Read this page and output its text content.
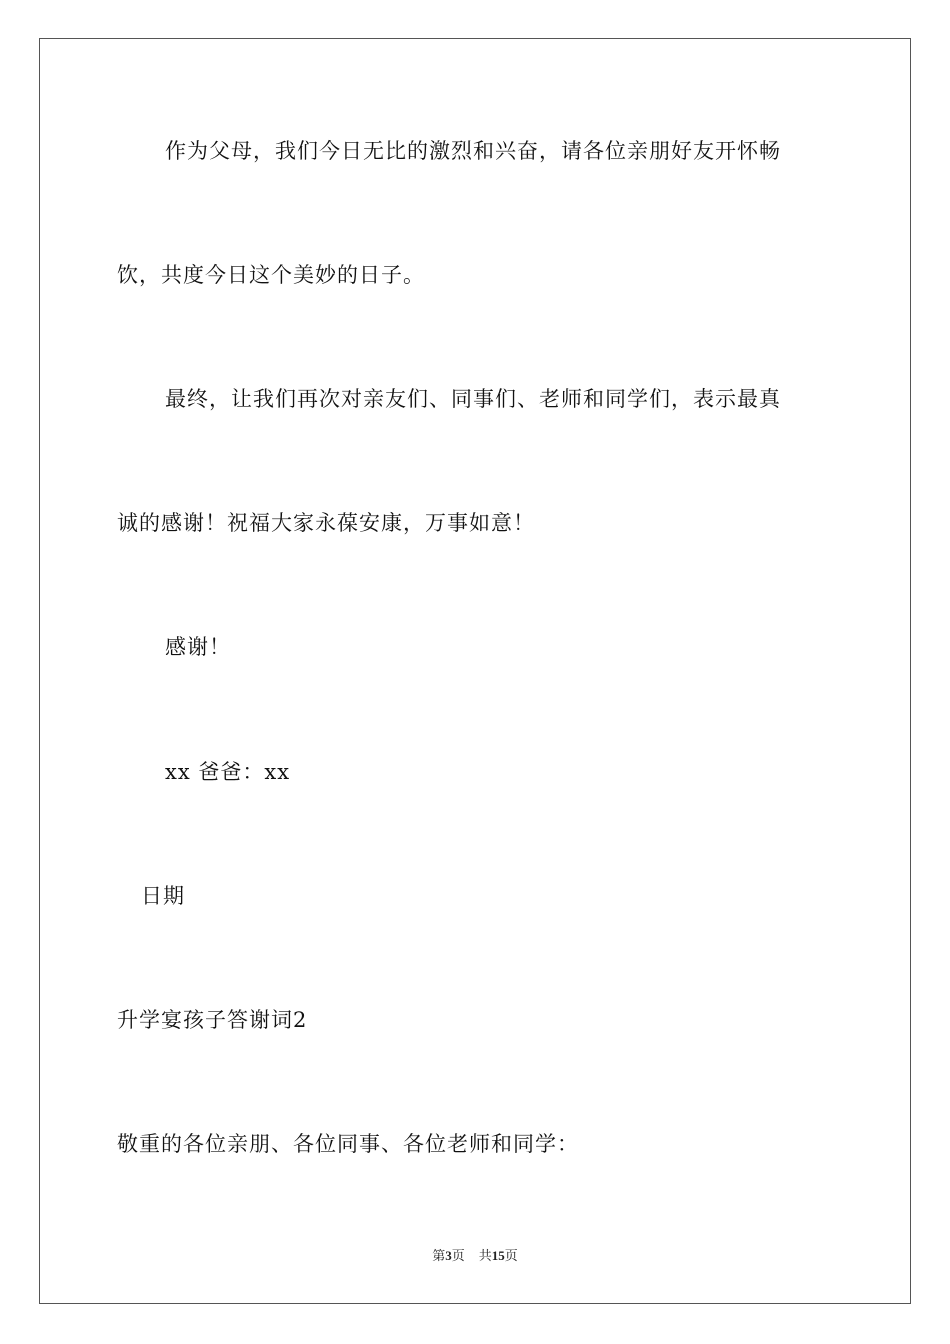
作为父母，我们今日无比的激烈和兴奋，请各位亲朋好友开怀畅
饮，共度今日这个美妙的日子。
最终，让我们再次对亲友们、同事们、老师和同学们，表示最真
诚的感谢！祝福大家永葆安康，万事如意！
感谢！
xx 爸爸：xx
日期
升学宴孩子答谢词2
敬重的各位亲朋、各位同事、各位老师和同学：
第3页 共15页
